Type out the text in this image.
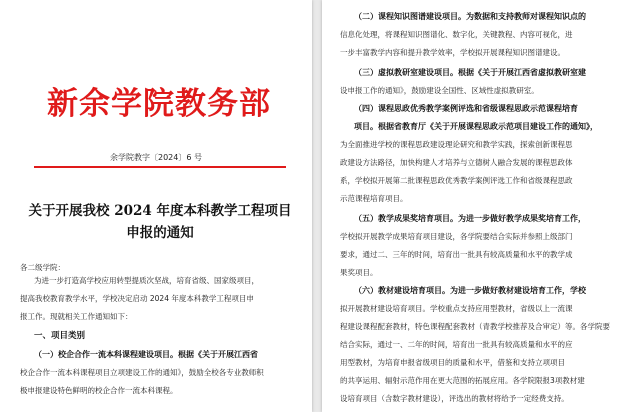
新余学院教务部
余学院教字〔2024〕6 号
关于开展我校 2024 年度本科教学工程项目
申报的通知
各二级学院：
为进一步打造高学校应用转型提质次坚战，培育省级、国家级项目，
提高我校教育教学水平，学校决定启动 2024 年度本科教学工程项目申
报工作。现就相关工作通知如下：
一、项目类别
（一）校企合作一流本科课程建设项目。根据《关于开展江西省
校企合作一流本科课程项目立项建设工作的通知》，鼓励全校各专业教师积
极申报建设特色鲜明的校企合作一流本科课程。
（二）课程知识图谱建设项目。为数据和支持教师对课程知识点的
信息化处理，将课程知识图谱化、数字化，关键教程、内容可视化，进
一步丰富教学内容和提升教学效率，学校拟开展课程知识图谱建设。
（三）虚拟教研室建设项目。根据《关于开展江西省虚拟教研室建
设申报工作的通知》，鼓励建设全国性、区域性虚拟教研室。
（四）课程思政优秀教学案例评选和省级课程思政示范课程培育
项目。根据省教育厅《关于开展课程思政示范项目建设工作的通知》，
为全面推进学校的课程思政建设理论研究和教学实践，探索创新课程思
政建设方法路径，加快构建人才培养与立德树人融合发展的课程思政体
系，学校拟开展第二批课程思政优秀教学案例评选工作和省级课程思政
示范课程培育项目。
（五）教学成果奖培育项目。为进一步做好教学成果奖培育工作，
学校拟开展教学成果培育项目建设，各学院要结合实际并参照上级部门
要求，通过二、三年的时间，培育出一批具有较高质量和水平的教学成
果奖项目。
（六）教材建设培育项目。为进一步做好教材建设培育工作，学校
拟开展教材建设培育项目。学校重点支持应用型教材，省级以上一流课
程建设课程配套教材，特色课程配套教材（青教学校推荐及合审定）等。各学院要
结合实际，通过一、二年的时间，培育出一批具有较高质量和水平的应
用型教材，为培育申报省级项目的质量和水平，借鉴和支持立项项目
的共享运用、辐射示范作用在更大范围的拓展应用。各学院限报3项教材建
设培育项目（含数字教材建设），评选出的教材将给予一定经费支持。
